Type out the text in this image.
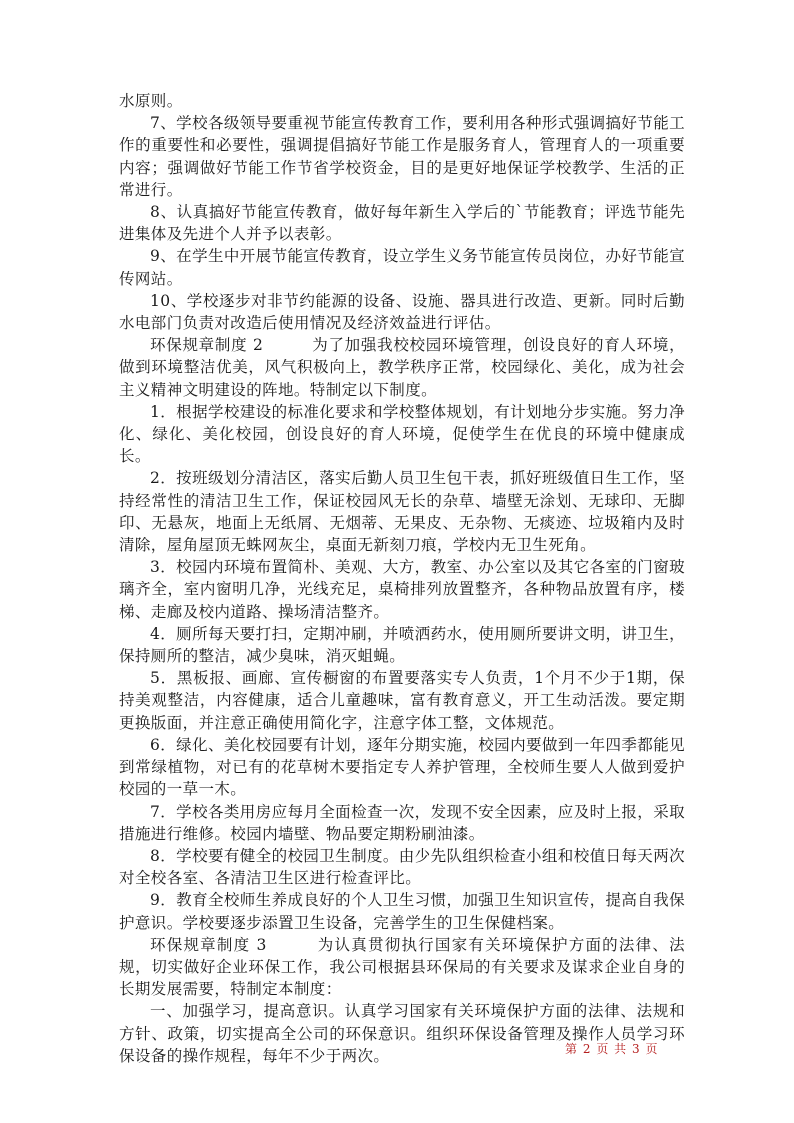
水原则。

7、学校各级领导要重视节能宣传教育工作，要利用各种形式强调搞好节能工作的重要性和必要性，强调提倡搞好节能工作是服务育人，管理育人的一项重要内容；强调做好节能工作节省学校资金，目的是更好地保证学校教学、生活的正常进行。

8、认真搞好节能宣传教育，做好每年新生入学后的`节能教育；评选节能先进集体及先进个人并予以表彰。

9、在学生中开展节能宣传教育，设立学生义务节能宣传员岗位，办好节能宣传网站。

10、学校逐步对非节约能源的设备、设施、器具进行改造、更新。同时后勤水电部门负责对改造后使用情况及经济效益进行评估。

环保规章制度 2　　　为了加强我校校园环境管理，创设良好的育人环境，做到环境整洁优美，风气积极向上，教学秩序正常，校园绿化、美化，成为社会主义精神文明建设的阵地。特制定以下制度。

1．根据学校建设的标准化要求和学校整体规划，有计划地分步实施。努力净化、绿化、美化校园，创设良好的育人环境，促使学生在优良的环境中健康成长。

2．按班级划分清洁区，落实后勤人员卫生包干表，抓好班级值日生工作，坚持经常性的清洁卫生工作，保证校园风无长的杂草、墙壁无涂划、无球印、无脚印、无悬灰，地面上无纸屑、无烟蒂、无果皮、无杂物、无痰迹、垃圾箱内及时清除，屋角屋顶无蛛网灰尘，桌面无新刻刀痕，学校内无卫生死角。

3．校园内环境布置简朴、美观、大方，教室、办公室以及其它各室的门窗玻璃齐全，室内窗明几净，光线充足，桌椅排列放置整齐，各种物品放置有序，楼梯、走廊及校内道路、操场清洁整齐。

4．厕所每天要打扫，定期冲刷，并喷洒药水，使用厕所要讲文明，讲卫生，保持厕所的整洁，减少臭味，消灭蛆蝇。

5．黑板报、画廊、宣传橱窗的布置要落实专人负责，1个月不少于1期，保持美观整洁，内容健康，适合儿童趣味，富有教育意义，开工生动活泼。要定期更换版面，并注意正确使用简化字，注意字体工整，文体规范。

6．绿化、美化校园要有计划，逐年分期实施，校园内要做到一年四季都能见到常绿植物，对已有的花草树木要指定专人养护管理，全校师生要人人做到爱护校园的一草一木。

7．学校各类用房应每月全面检查一次，发现不安全因素，应及时上报，采取措施进行维修。校园内墙壁、物品要定期粉刷油漆。

8．学校要有健全的校园卫生制度。由少先队组织检查小组和校值日每天两次对全校各室、各清洁卫生区进行检查评比。

9．教育全校师生养成良好的个人卫生习惯，加强卫生知识宣传，提高自我保护意识。学校要逐步添置卫生设备，完善学生的卫生保健档案。

环保规章制度 3　　　为认真贯彻执行国家有关环境保护方面的法律、法规，切实做好企业环保工作，我公司根据县环保局的有关要求及谋求企业自身的长期发展需要，特制定本制度：

一、加强学习，提高意识。认真学习国家有关环境保护方面的法律、法规和方针、政策，切实提高全公司的环保意识。组织环保设备管理及操作人员学习环保设备的操作规程，每年不少于两次。	第 2 页 共 3 页
